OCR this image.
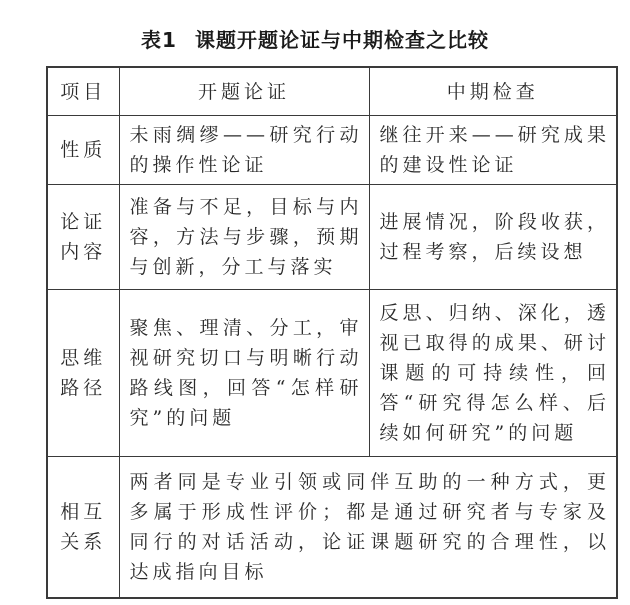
表1 课题开题论证与中期检查之比较
项目	开题论证	中期检查
性质	未雨绸缪——研究行动的操作性论证	继往开来——研究成果的建设性论证
论证内容	准备与不足，目标与内容，方法与步骤，预期与创新，分工与落实	进展情况，阶段收获，过程考察，后续设想
思维路径	聚焦、理清、分工，审视研究切口与明晰行动路线图，回答“怎样研究”的问题	反思、归纳、深化，透视已取得的成果、研讨课题的可持续性，回答“研究得怎么样、后续如何研究”的问题
相互关系	两者同是专业引领或同伴互助的一种方式，更多属于形成性评价；都是通过研究者与专家及同行的对话活动，论证课题研究的合理性，以达成指向目标	
